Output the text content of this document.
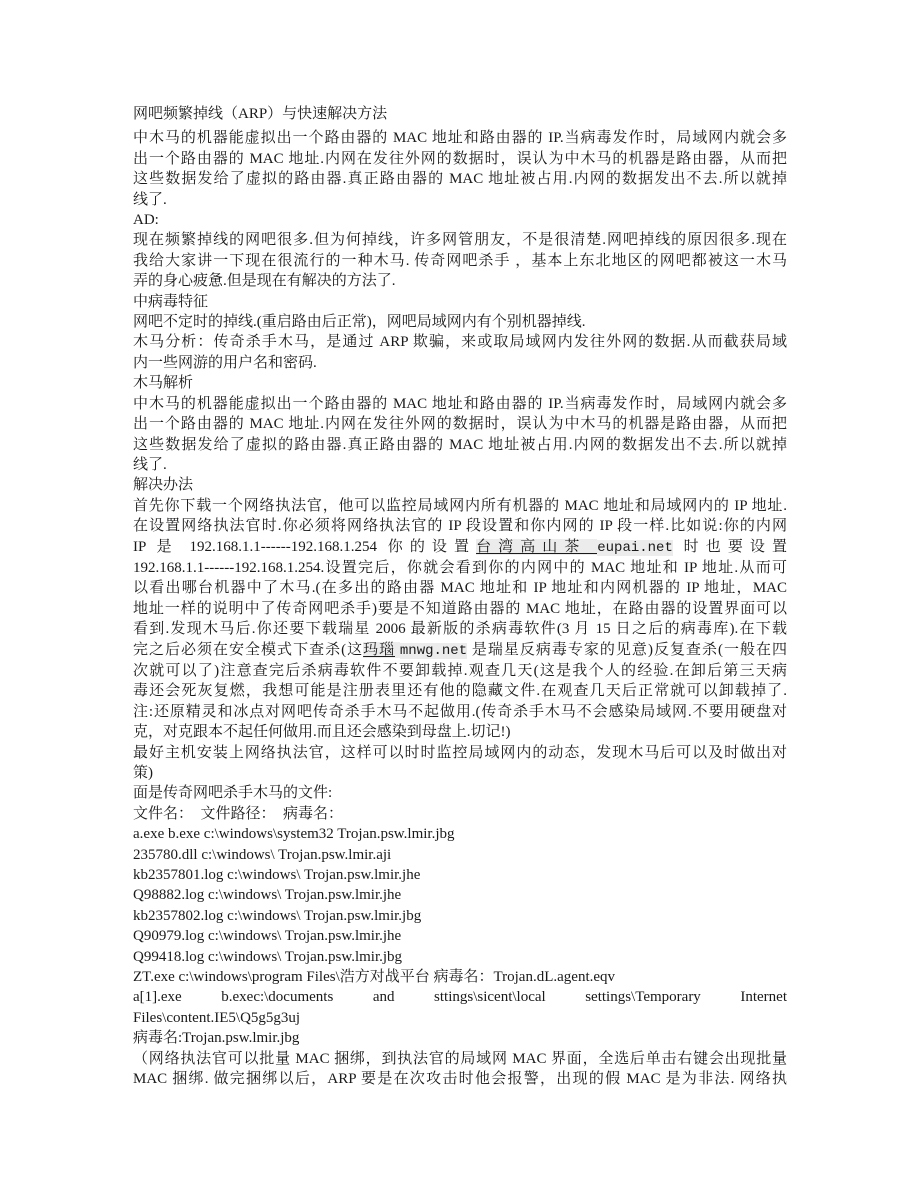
网吧频繁掉线（ARP）与快速解决方法
中木马的机器能虚拟出一个路由器的 MAC 地址和路由器的 IP.当病毒发作时，局域网内就会多
出一个路由器的 MAC 地址.内网在发往外网的数据时，误认为中木马的机器是路由器，从而把
这些数据发给了虚拟的路由器.真正路由器的 MAC 地址被占用.内网的数据发出不去.所以就掉
线了.
AD:
现在频繁掉线的网吧很多.但为何掉线，许多网管朋友，不是很清楚.网吧掉线的原因很多.现在
我给大家讲一下现在很流行的一种木马. 传奇网吧杀手 ，基本上东北地区的网吧都被这一木马
弄的身心疲惫.但是现在有解决的方法了.
中病毒特征
网吧不定时的掉线.(重启路由后正常)，网吧局域网内有个别机器掉线.
木马分析：传奇杀手木马，是通过 ARP 欺骗，来或取局域网内发往外网的数据.从而截获局域
内一些网游的用户名和密码.
木马解析
中木马的机器能虚拟出一个路由器的 MAC 地址和路由器的 IP.当病毒发作时，局域网内就会多
出一个路由器的 MAC 地址.内网在发往外网的数据时，误认为中木马的机器是路由器，从而把
这些数据发给了虚拟的路由器.真正路由器的 MAC 地址被占用.内网的数据发出不去.所以就掉
线了.
解决办法
首先你下载一个网络执法官，他可以监控局域网内所有机器的 MAC 地址和局域网内的 IP 地址.
在设置网络执法官时.你必须将网络执法官的 IP 段设置和你内网的 IP 段一样.比如说:你的内网
IP 是 192.168.1.1------192.168.1.254 你的设置台湾高山茶 eupai.net 时也要设置
192.168.1.1------192.168.1.254.设置完后，你就会看到你的内网中的 MAC 地址和 IP 地址.从而可
以看出哪台机器中了木马.(在多出的路由器 MAC 地址和 IP 地址和内网机器的 IP 地址，MAC
地址一样的说明中了传奇网吧杀手)要是不知道路由器的 MAC 地址，在路由器的设置界面可以
看到.发现木马后.你还要下载瑞星 2006 最新版的杀病毒软件(3 月 15 日之后的病毒库).在下载
完之后必须在安全模式下查杀(这玛瑙 mnwg.net 是瑞星反病毒专家的见意)反复查杀(一般在四
次就可以了)注意查完后杀病毒软件不要卸载掉.观查几天(这是我个人的经验.在卸后第三天病
毒还会死灰复燃，我想可能是注册表里还有他的隐藏文件.在观查几天后正常就可以卸载掉了.
注:还原精灵和冰点对网吧传奇杀手木马不起做用.(传奇杀手木马不会感染局域网.不要用硬盘对
克，对克跟本不起任何做用.而且还会感染到母盘上.切记!)
最好主机安装上网络执法官，这样可以时时监控局域网内的动态，发现木马后可以及时做出对
策)
面是传奇网吧杀手木马的文件:
文件名：　文件路径：　病毒名：
a.exe b.exe c:\windows\system32 Trojan.psw.lmir.jbg
235780.dll c:\windows\ Trojan.psw.lmir.aji
kb2357801.log c:\windows\ Trojan.psw.lmir.jhe
Q98882.log c:\windows\ Trojan.psw.lmir.jhe
kb2357802.log c:\windows\ Trojan.psw.lmir.jbg
Q90979.log c:\windows\ Trojan.psw.lmir.jhe
Q99418.log c:\windows\ Trojan.psw.lmir.jbg
ZT.exe c:\windows\program Files\浩方对战平台 病毒名：Trojan.dL.agent.eqv
a[1].exe b.exec:\documents and sttings\sicent\local settings\Temporary Internet
Files\content.IE5\Q5g5g3uj
病毒名:Trojan.psw.lmir.jbg
（网络执法官可以批量 MAC 捆绑，到执法官的局域网 MAC 界面，全选后单击右键会出现批量
MAC 捆绑. 做完捆绑以后，ARP 要是在次攻击时他会报警，出现的假 MAC 是为非法. 网络执
